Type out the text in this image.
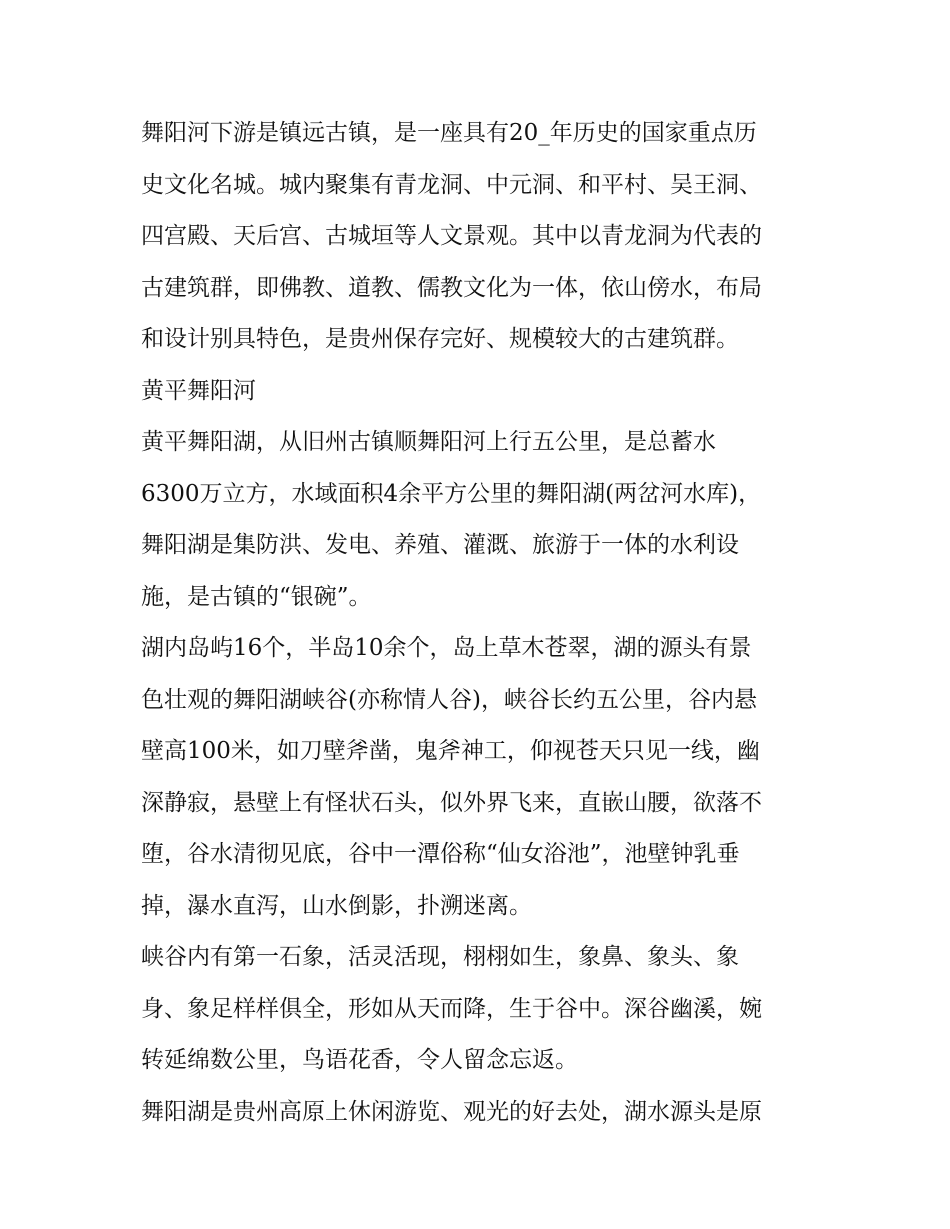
舞阳河下游是镇远古镇，是一座具有20_年历史的国家重点历
史文化名城。城内聚集有青龙洞、中元洞、和平村、吴王洞、
四宫殿、天后宫、古城垣等人文景观。其中以青龙洞为代表的
古建筑群，即佛教、道教、儒教文化为一体，依山傍水，布局
和设计别具特色，是贵州保存完好、规模较大的古建筑群。

黄平舞阳河

黄平舞阳湖，从旧州古镇顺舞阳河上行五公里，是总蓄水
6300万立方，水域面积4余平方公里的舞阳湖(两岔河水库)，
舞阳湖是集防洪、发电、养殖、灌溉、旅游于一体的水利设
施，是古镇的“银碗”。

湖内岛屿16个，半岛10余个，岛上草木苍翠，湖的源头有景
色壮观的舞阳湖峡谷(亦称情人谷)，峡谷长约五公里，谷内悬
壁高100米，如刀壁斧凿，鬼斧神工，仰视苍天只见一线，幽
深静寂，悬壁上有怪状石头，似外界飞来，直嵌山腰，欲落不
堕，谷水清彻见底，谷中一潭俗称“仙女浴池”，池壁钟乳垂
掉，瀑水直泻，山水倒影，扑溯迷离。

峡谷内有第一石象，活灵活现，栩栩如生，象鼻、象头、象
身、象足样样俱全，形如从天而降，生于谷中。深谷幽溪，婉
转延绵数公里，鸟语花香，令人留念忘返。

舞阳湖是贵州高原上休闲游览、观光的好去处，湖水源头是原
